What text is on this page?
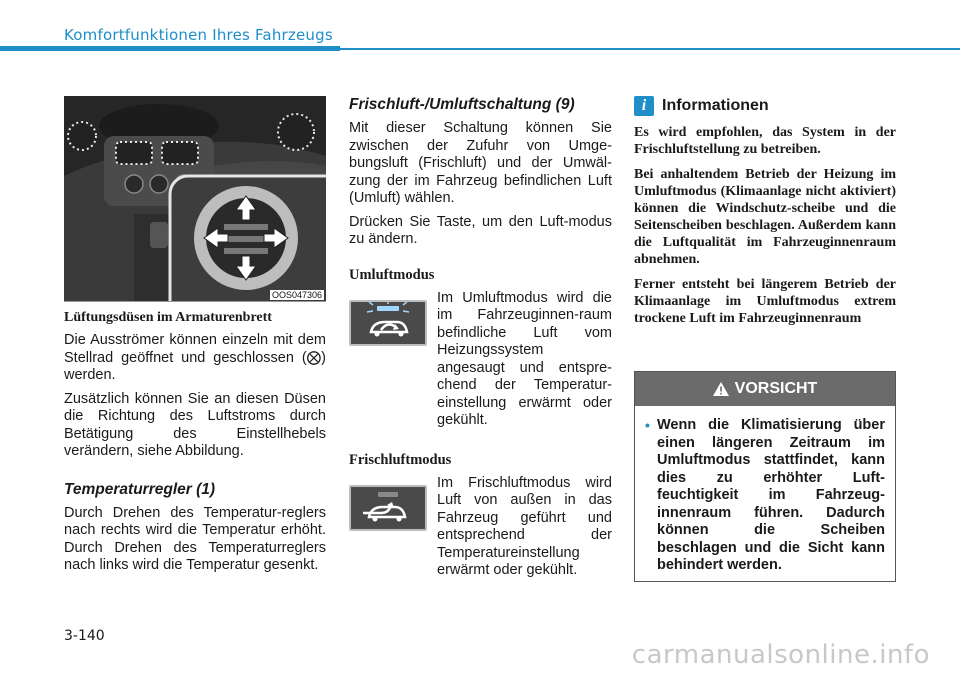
Komfortfunktionen Ihres Fahrzeugs
OOS047306
Lüftungsdüsen im Armaturenbrett
Die Ausströmer können einzeln mit dem Stellrad geöffnet und geschlossen (⨂) werden.
Zusätzlich können Sie an diesen Düsen die Richtung des Luftstroms durch Betätigung des Einstellhebels verändern, siehe Abbildung.
Temperaturregler (1)
Durch Drehen des Temperatur-reglers nach rechts wird die Temperatur erhöht. Durch Drehen des Temperaturreglers nach links wird die Temperatur gesenkt.
Frischluft-/Umluftschaltung (9)
Mit dieser Schaltung können Sie zwischen der Zufuhr von Umge-bungsluft (Frischluft) und der Umwäl-zung der im Fahrzeug befindlichen Luft (Umluft) wählen.
Drücken Sie Taste, um den Luft-modus zu ändern.
Umluftmodus
Im Umluftmodus wird die im Fahrzeuginnen-raum befindliche Luft vom Heizungssystem angesaugt und entspre-chend der Temperatur-einstellung erwärmt oder gekühlt.
Frischluftmodus
Im Frischluftmodus wird Luft von außen in das Fahrzeug geführt und entsprechend der Temperatureinstellung erwärmt oder gekühlt.
i Informationen
Es wird empfohlen, das System in der Frischluftstellung zu betreiben.
Bei anhaltendem Betrieb der Heizung im Umluftmodus (Klimaanlage nicht aktiviert) können die Windschutz-scheibe und die Seitenscheiben beschlagen. Außerdem kann die Luftqualität im Fahrzeuginnenraum abnehmen.
Ferner entsteht bei längerem Betrieb der Klimaanlage im Umluftmodus extrem trockene Luft im Fahrzeuginnenraum
VORSICHT
• Wenn die Klimatisierung über einen längeren Zeitraum im Umluftmodus stattfindet, kann dies zu erhöhter Luft-feuchtigkeit im Fahrzeug-innenraum führen. Dadurch können die Scheiben beschlagen und die Sicht kann behindert werden.
3-140
carmanualsonline.info
